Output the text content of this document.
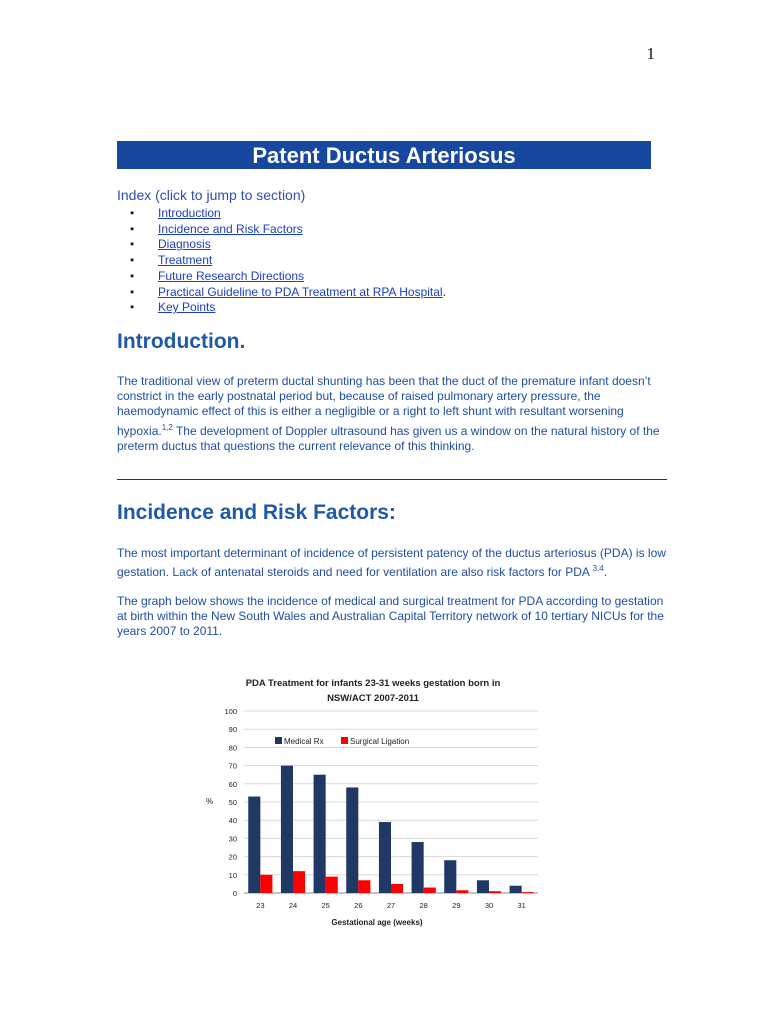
1
Patent Ductus Arteriosus
Index (click to jump to section)
• Introduction
• Incidence and Risk Factors
• Diagnosis
• Treatment
• Future Research Directions
• Practical Guideline to PDA Treatment at RPA Hospital.
• Key Points
Introduction.

The traditional view of preterm ductal shunting has been that the duct of the premature infant doesn’t constrict in the early postnatal period but, because of raised pulmonary artery pressure, the haemodynamic effect of this is either a negligible or a right to left shunt with resultant worsening hypoxia.$^{1,2}$ The development of Doppler ultrasound has given us a window on the natural history of the preterm ductus that questions the current relevance of this thinking.

Incidence and Risk Factors:

The most important determinant of incidence of persistent patency of the ductus arteriosus (PDA) is low gestation. Lack of antenatal steroids and need for ventilation are also risk factors for PDA $^{3,4}$.

The graph below shows the incidence of medical and surgical treatment for PDA according to gestation at birth within the New South Wales and Australian Capital Territory network of 10 tertiary NICUs for the years 2007 to 2011.

PDA Treatment for infants 23-31 weeks gestation born in
NSW/ACT 2007-2011
0
10
20
30
40
50
60
70
80
90
100
23	24	25	26	27	28	29	30	31
%
Gestational age (weeks)
Medical Rx	Surgical Ligation
